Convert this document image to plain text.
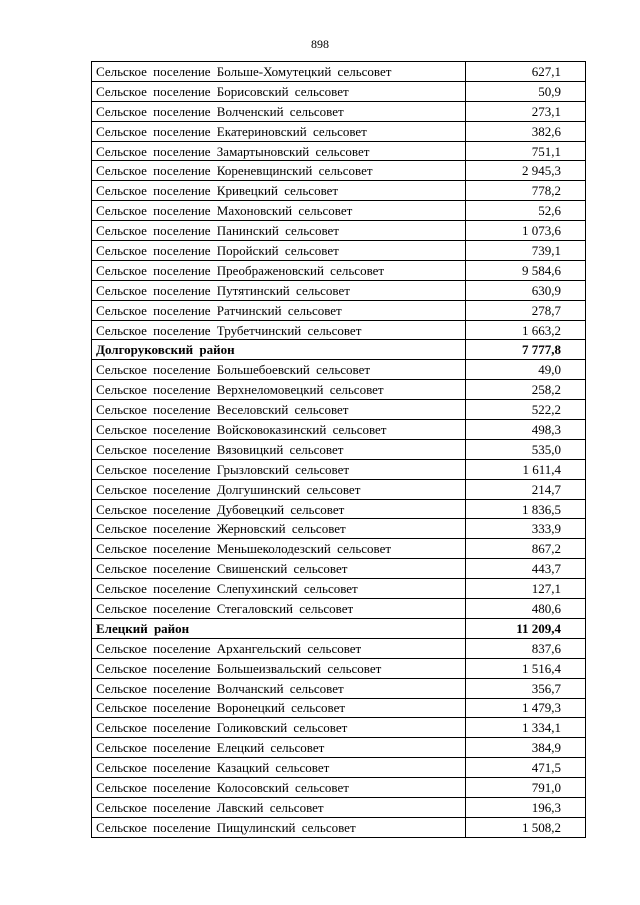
898
Сельское поселение Больше-Хомутецкий сельсовет	627,1
Сельское поселение Борисовский сельсовет	50,9
Сельское поселение Волченский сельсовет	273,1
Сельское поселение Екатериновский сельсовет	382,6
Сельское поселение Замартыновский сельсовет	751,1
Сельское поселение Кореневщинский сельсовет	2 945,3
Сельское поселение Кривецкий сельсовет	778,2
Сельское поселение Махоновский сельсовет	52,6
Сельское поселение Панинский сельсовет	1 073,6
Сельское поселение Поройский сельсовет	739,1
Сельское поселение Преображеновский сельсовет	9 584,6
Сельское поселение Путятинский сельсовет	630,9
Сельское поселение Ратчинский сельсовет	278,7
Сельское поселение Трубетчинский сельсовет	1 663,2
Долгоруковский район	7 777,8
Сельское поселение Большебоевский сельсовет	49,0
Сельское поселение Верхнеломовецкий сельсовет	258,2
Сельское поселение Веселовский сельсовет	522,2
Сельское поселение Войсковоказинский сельсовет	498,3
Сельское поселение Вязовицкий сельсовет	535,0
Сельское поселение Грызловский сельсовет	1 611,4
Сельское поселение Долгушинский сельсовет	214,7
Сельское поселение Дубовецкий сельсовет	1 836,5
Сельское поселение Жерновский сельсовет	333,9
Сельское поселение Меньшеколодезский сельсовет	867,2
Сельское поселение Свишенский сельсовет	443,7
Сельское поселение Слепухинский сельсовет	127,1
Сельское поселение Стегаловский сельсовет	480,6
Елецкий район	11 209,4
Сельское поселение Архангельский сельсовет	837,6
Сельское поселение Большеизвальский сельсовет	1 516,4
Сельское поселение Волчанский сельсовет	356,7
Сельское поселение Воронецкий сельсовет	1 479,3
Сельское поселение Голиковский сельсовет	1 334,1
Сельское поселение Елецкий сельсовет	384,9
Сельское поселение Казацкий сельсовет	471,5
Сельское поселение Колосовский сельсовет	791,0
Сельское поселение Лавский сельсовет	196,3
Сельское поселение Пищулинский сельсовет	1 508,2
